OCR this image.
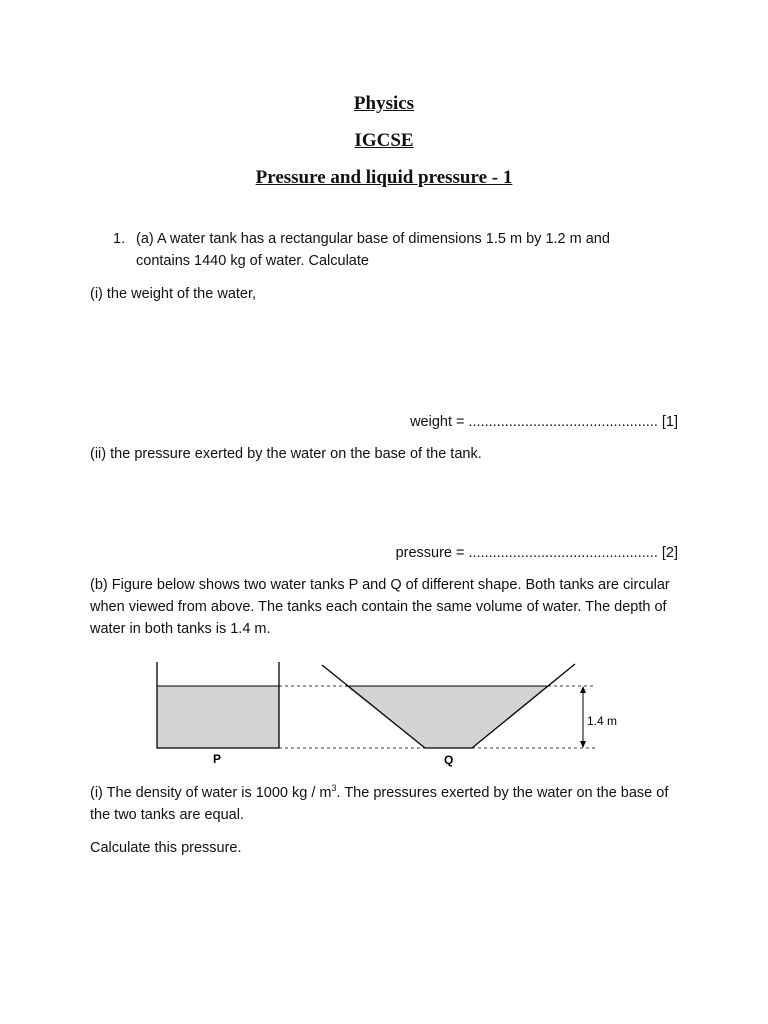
Physics
IGCSE
Pressure and liquid pressure - 1

1. (a) A water tank has a rectangular base of dimensions 1.5 m by 1.2 m and contains 1440 kg of water. Calculate

(i) the weight of the water,

weight = ............................................... [1]

(ii) the pressure exerted by the water on the base of the tank.

pressure = ............................................... [2]

(b) Figure below shows two water tanks P and Q of different shape. Both tanks are circular when viewed from above. The tanks each contain the same volume of water. The depth of water in both tanks is 1.4 m.

1.4 m
P	Q

(i) The density of water is 1000 kg / $m^3$. The pressures exerted by the water on the base of the two tanks are equal.

Calculate this pressure.
